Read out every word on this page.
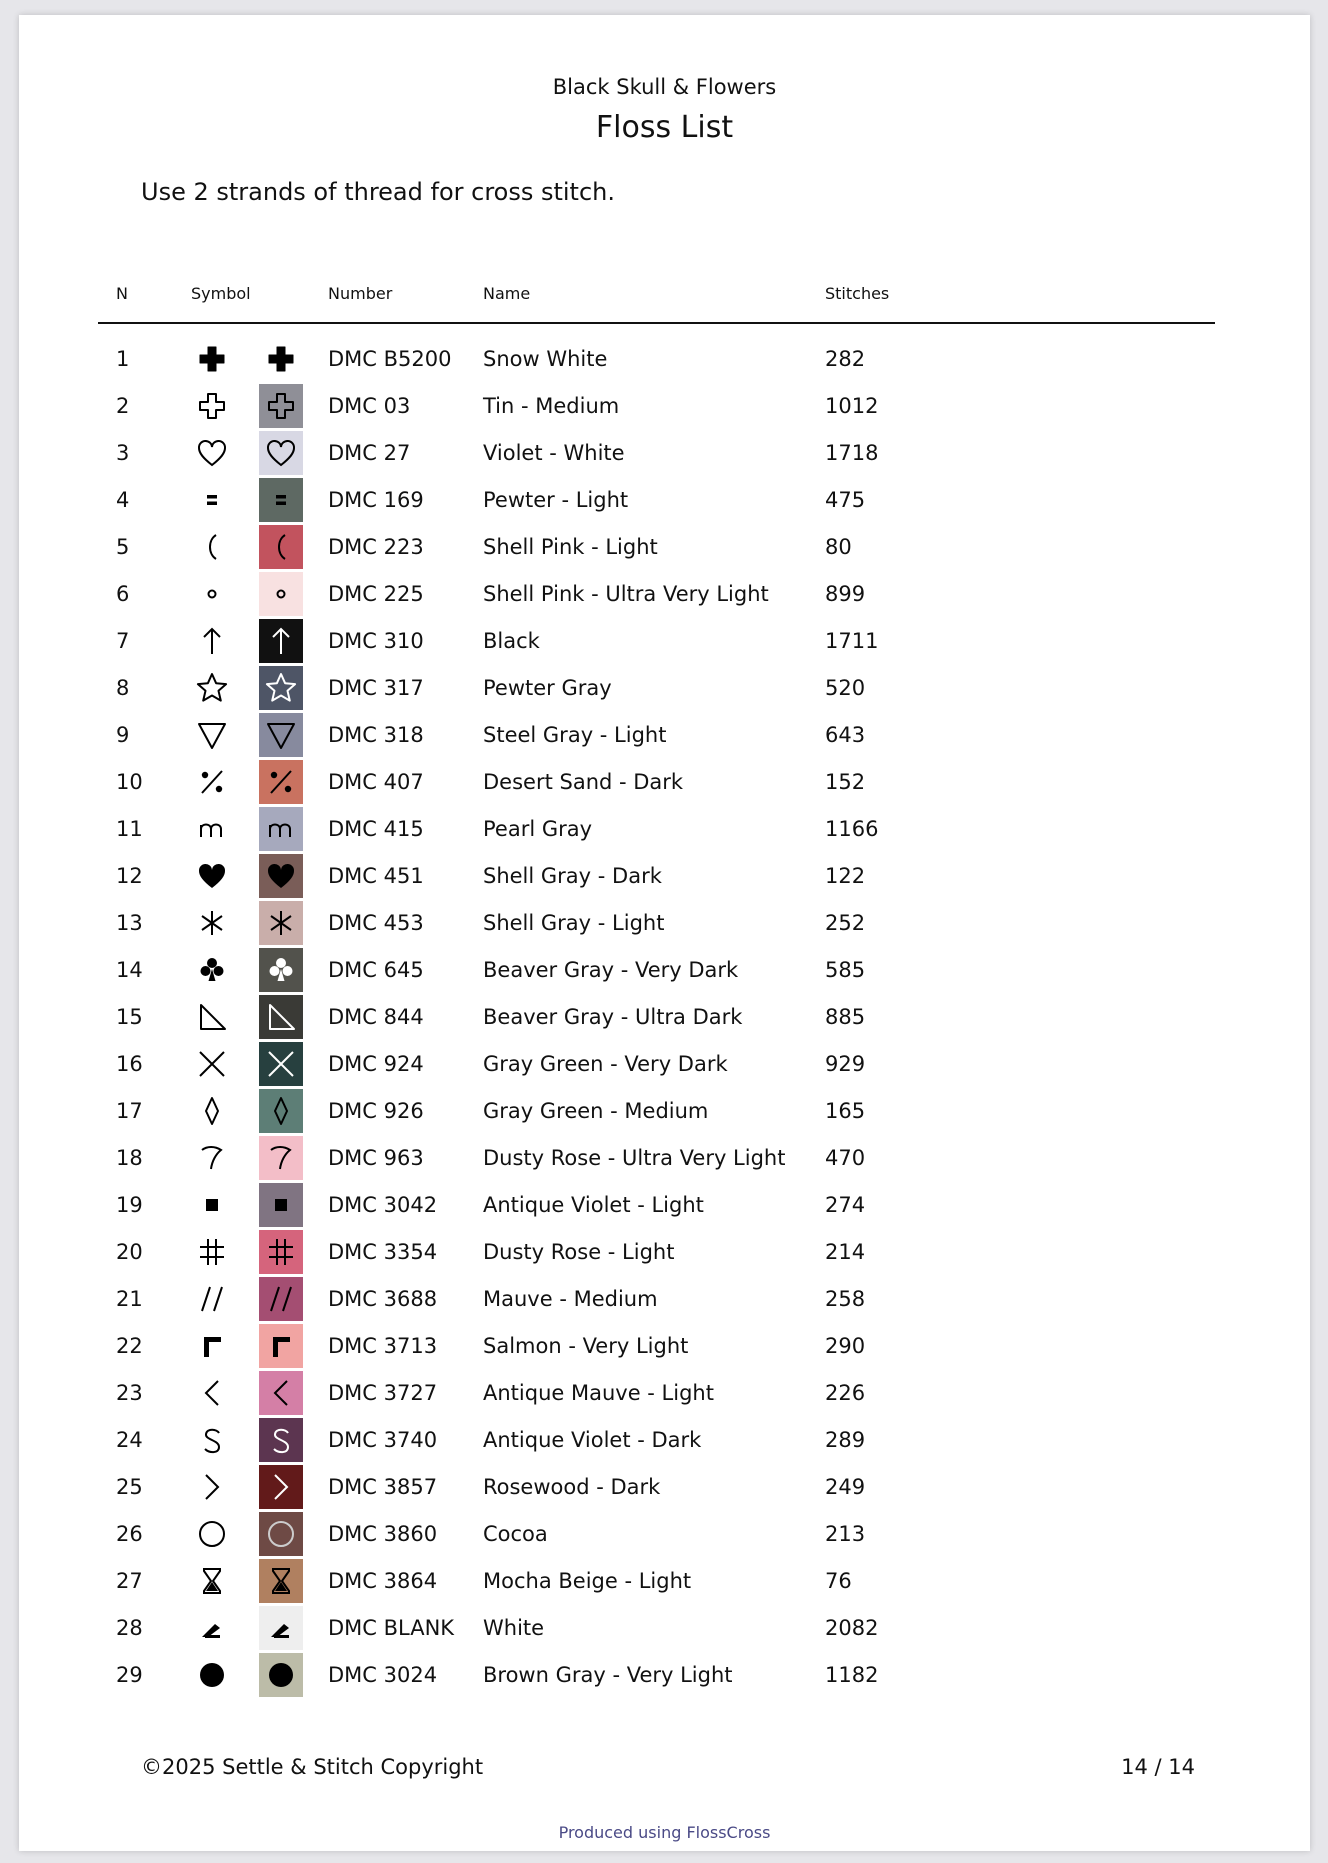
Black Skull & Flowers
Floss List
Use 2 strands of thread for cross stitch.
N	Symbol	Number	Name	Stitches
1	DMC B5200 Snow White	282
2	DMC 03	Tin - Medium	1012
3	DMC 27	Violet - White	1718
4	DMC 169	Pewter - Light	475
5	DMC 223	Shell Pink - Light	80
6	DMC 225	Shell Pink - Ultra Very Light	899
7	DMC 310	Black	1711
8	DMC 317	Pewter Gray	520
9	DMC 318	Steel Gray - Light	643
10	DMC 407	Desert Sand - Dark	152
11	DMC 415	Pearl Gray	1166
12	DMC 451	Shell Gray - Dark	122
13	DMC 453	Shell Gray - Light	252
14	DMC 645	Beaver Gray - Very Dark	585
15	DMC 844	Beaver Gray - Ultra Dark	885
16	DMC 924	Gray Green - Very Dark	929
17	DMC 926	Gray Green - Medium	165
18	DMC 963	Dusty Rose - Ultra Very Light 470
19	DMC 3042 Antique Violet - Light	274
20	DMC 3354 Dusty Rose - Light	214
21	DMC 3688 Mauve - Medium	258
22	DMC 3713 Salmon - Very Light	290
23	DMC 3727 Antique Mauve - Light	226
24	DMC 3740 Antique Violet - Dark	289
25	DMC 3857 Rosewood - Dark	249
26	DMC 3860 Cocoa	213
27	DMC 3864 Mocha Beige - Light	76
28	DMC BLANK White	2082
29	DMC 3024 Brown Gray - Very Light	1182
©2025 Settle & Stitch Copyright	14 / 14
Produced using FlossCross
